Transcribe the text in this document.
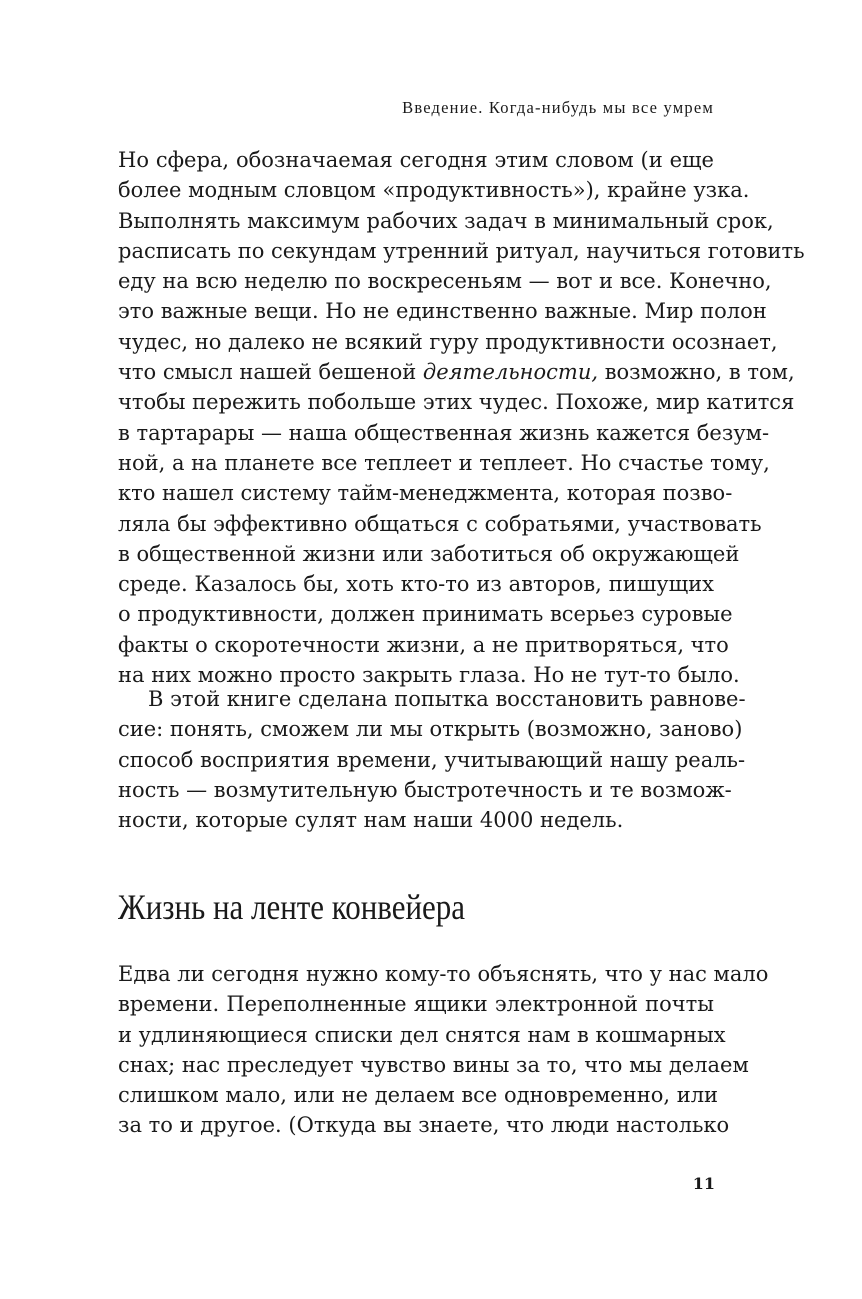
Введение. Когда-нибудь мы все умрем
Но сфера, обозначаемая сегодня этим словом (и еще
более модным словцом «продуктивность»), крайне узка.
Выполнять максимум рабочих задач в минимальный срок,
расписать по секундам утренний ритуал, научиться готовить
еду на всю неделю по воскресеньям — вот и все. Конечно,
это важные вещи. Но не единственно важные. Мир полон
чудес, но далеко не всякий гуру продуктивности осознает,
что смысл нашей бешеной деятельности, возможно, в том,
чтобы пережить побольше этих чудес. Похоже, мир катится
в тартарары — наша общественная жизнь кажется безум-
ной, а на планете все теплеет и теплеет. Но счастье тому,
кто нашел систему тайм-менеджмента, которая позво-
ляла бы эффективно общаться с собратьями, участвовать
в общественной жизни или заботиться об окружающей
среде. Казалось бы, хоть кто-то из авторов, пишущих
о продуктивности, должен принимать всерьез суровые
факты о скоротечности жизни, а не притворяться, что
на них можно просто закрыть глаза. Но не тут-то было.
В этой книге сделана попытка восстановить равнове-
сие: понять, сможем ли мы открыть (возможно, заново)
способ восприятия времени, учитывающий нашу реаль-
ность — возмутительную быстротечность и те возмож-
ности, которые сулят нам наши 4000 недель.
Жизнь на ленте конвейера
Едва ли сегодня нужно кому-то объяснять, что у нас мало
времени. Переполненные ящики электронной почты
и удлиняющиеся списки дел снятся нам в кошмарных
снах; нас преследует чувство вины за то, что мы делаем
слишком мало, или не делаем все одновременно, или
за то и другое. (Откуда вы знаете, что люди настолько
11
